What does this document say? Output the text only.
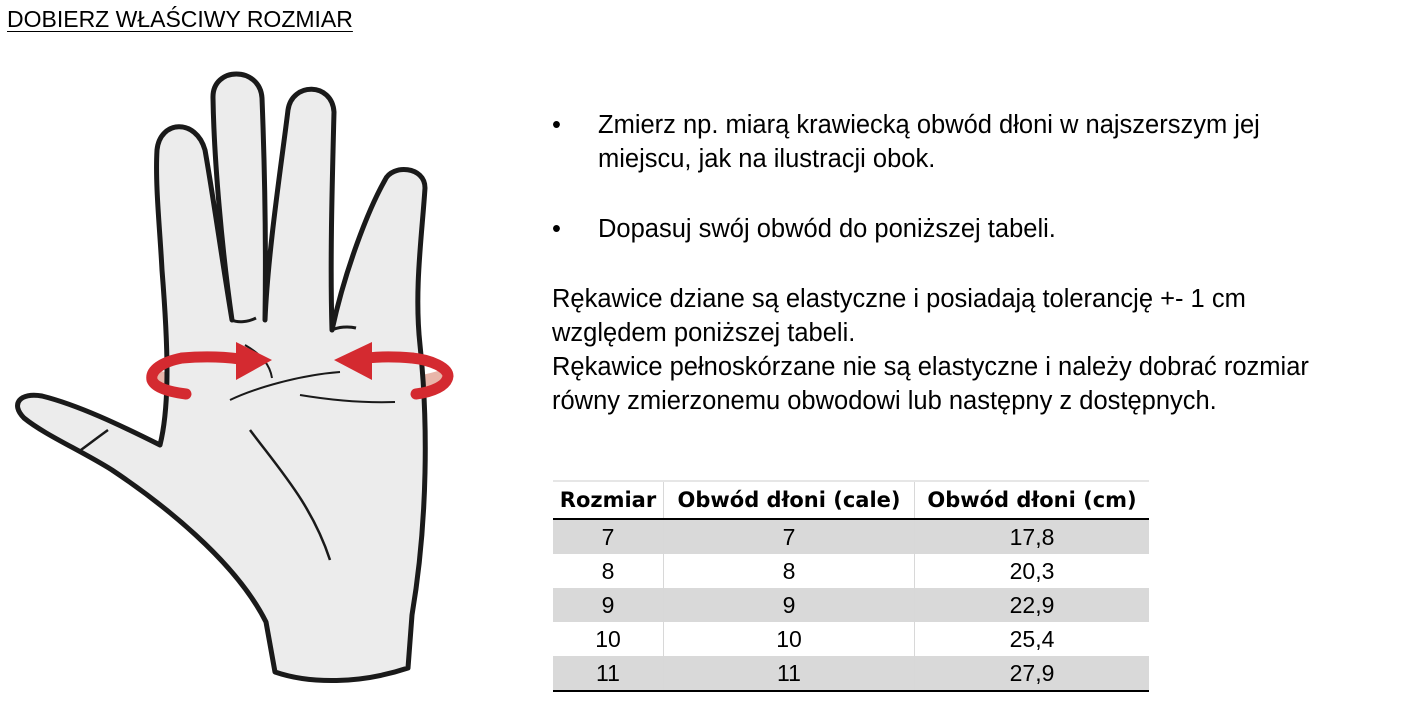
DOBIERZ WŁAŚCIWY ROZMIAR
•	Zmierz np. miarą krawiecką obwód dłoni w najszerszym jej
miejscu, jak na ilustracji obok.
•	Dopasuj swój obwód do poniższej tabeli.

Rękawice dziane są elastyczne i posiadają tolerancję +- 1 cm

względem poniższej tabeli.

Rękawice pełnoskórzane nie są elastyczne i należy dobrać rozmiar

równy zmierzonemu obwodowi lub następny z dostępnych.

Rozmiar	Obwód dłoni (cale)	Obwód dłoni (cm)
7	7	17,8
8	8	20,3
9	9	22,9
10	10	25,4
11	11	27,9
